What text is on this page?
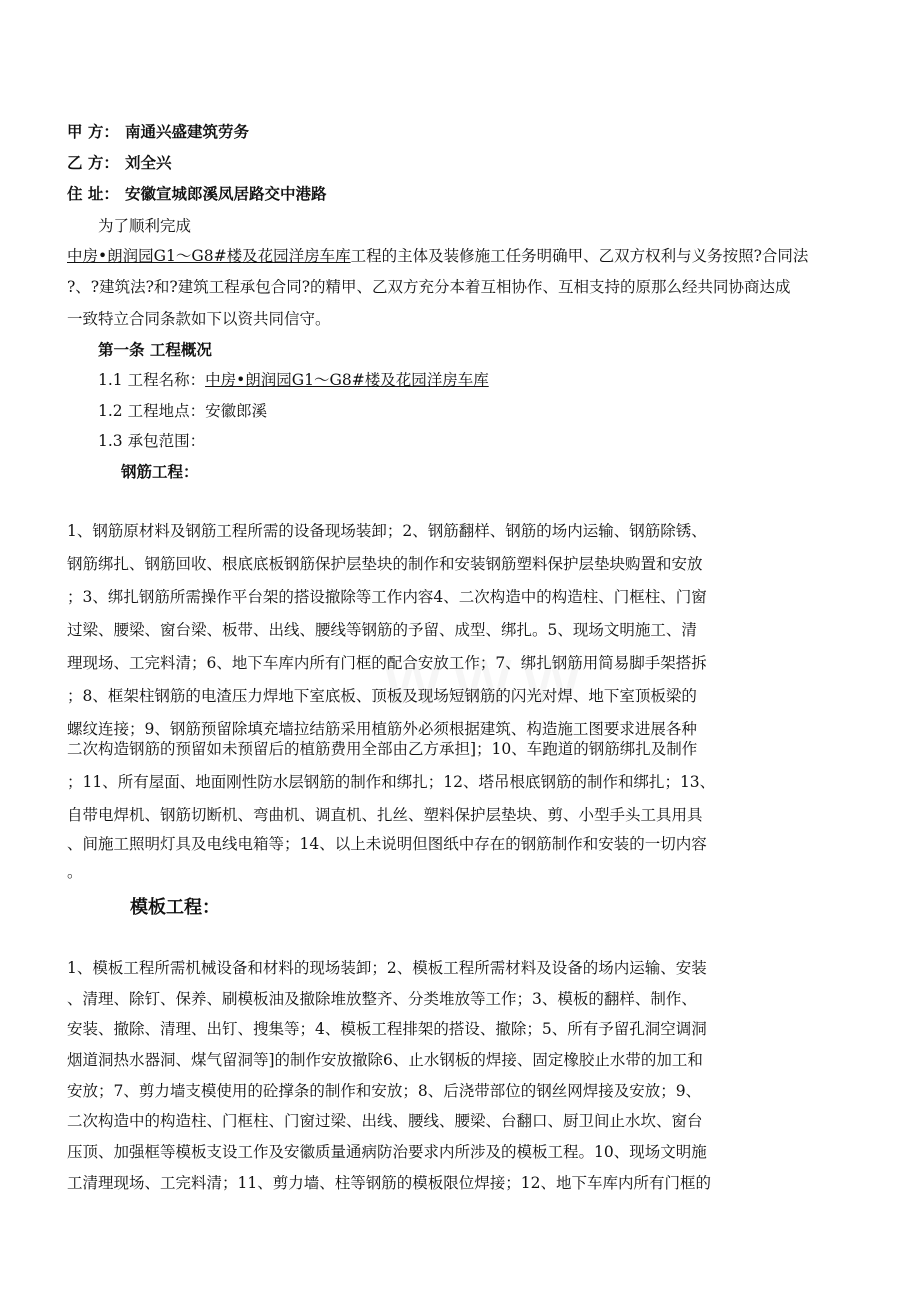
甲 方： 南通兴盛建筑劳务
乙 方： 刘全兴
住 址： 安徽宣城郎溪凤居路交中港路
为了顺利完成
中房•朗润园G1～G8#楼及花园洋房车库工程的主体及装修施工任务明确甲、乙双方权利与义务按照?合同法
?、?建筑法?和?建筑工程承包合同?的精甲、乙双方充分本着互相协作、互相支持的原那么经共同协商达成
一致特立合同条款如下以资共同信守。
第一条 工程概况
1.1 工程名称：中房•朗润园G1～G8#楼及花园洋房车库
1.2 工程地点：安徽郎溪
1.3 承包范围：
钢筋工程：
1、钢筋原材料及钢筋工程所需的设备现场装卸；2、钢筋翻样、钢筋的场内运输、钢筋除锈、
钢筋绑扎、钢筋回收、根底底板钢筋保护层垫块的制作和安装钢筋塑料保护层垫块购置和安放
；3、绑扎钢筋所需操作平台架的搭设撤除等工作内容4、二次构造中的构造柱、门框柱、门窗
过梁、腰梁、窗台梁、板带、出线、腰线等钢筋的予留、成型、绑扎。5、现场文明施工、清
理现场、工完料清；6、地下车库内所有门框的配合安放工作；7、绑扎钢筋用简易脚手架搭拆
；8、框架柱钢筋的电渣压力焊地下室底板、顶板及现场短钢筋的闪光对焊、地下室顶板梁的
螺纹连接；9、钢筋预留除填充墙拉结筋采用植筋外必须根据建筑、构造施工图要求进展各种
二次构造钢筋的预留如未预留后的植筋费用全部由乙方承担]；10、车跑道的钢筋绑扎及制作
；11、所有屋面、地面刚性防水层钢筋的制作和绑扎；12、塔吊根底钢筋的制作和绑扎；13、
自带电焊机、钢筋切断机、弯曲机、调直机、扎丝、塑料保护层垫块、剪、小型手头工具用具
、间施工照明灯具及电线电箱等；14、以上未说明但图纸中存在的钢筋制作和安装的一切内容
。
模板工程：
1、模板工程所需机械设备和材料的现场装卸；2、模板工程所需材料及设备的场内运输、安装
、清理、除钉、保养、刷模板油及撤除堆放整齐、分类堆放等工作；3、模板的翻样、制作、
安装、撤除、清理、出钉、搜集等；4、模板工程排架的搭设、撤除；5、所有予留孔洞空调洞
烟道洞热水器洞、煤气留洞等]的制作安放撤除6、止水钢板的焊接、固定橡胶止水带的加工和
安放；7、剪力墙支模使用的砼撑条的制作和安放；8、后浇带部位的钢丝网焊接及安放；9、
二次构造中的构造柱、门框柱、门窗过梁、出线、腰线、腰梁、台翻口、厨卫间止水坎、窗台
压顶、加强框等模板支设工作及安徽质量通病防治要求内所涉及的模板工程。10、现场文明施
工清理现场、工完料清；11、剪力墙、柱等钢筋的模板限位焊接；12、地下车库内所有门框的
